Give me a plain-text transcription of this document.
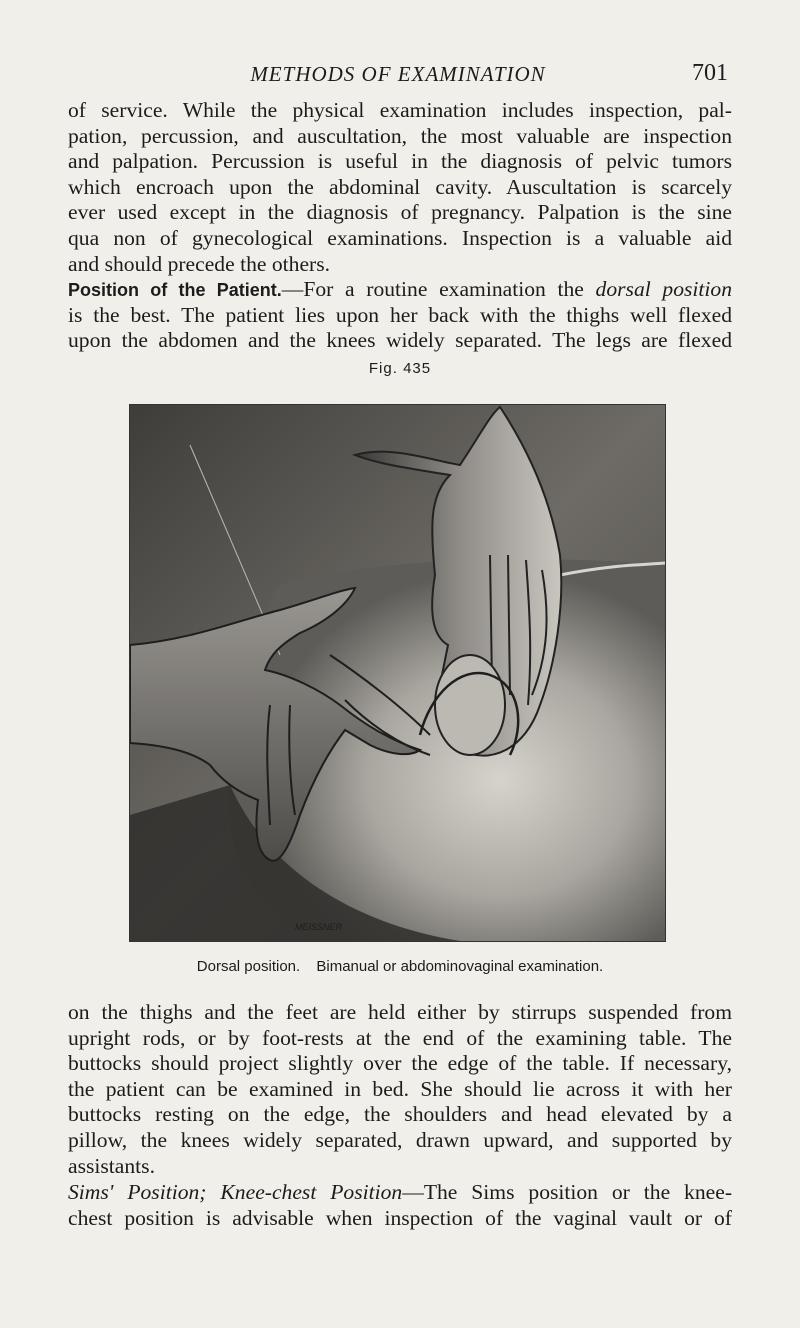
METHODS OF EXAMINATION	701
of service. While the physical examination includes inspection, pal-
pation, percussion, and auscultation, the most valuable are inspection
and palpation. Percussion is useful in the diagnosis of pelvic tumors
which encroach upon the abdominal cavity. Auscultation is scarcely
ever used except in the diagnosis of pregnancy. Palpation is the sine
qua non of gynecological examinations. Inspection is a valuable aid
and should precede the others.
Position of the Patient.—For a routine examination the dorsal position
is the best. The patient lies upon her back with the thighs well flexed
upon the abdomen and the knees widely separated. The legs are flexed
Fig. 435
MEISSNER
Dorsal position. Bimanual or abdominovaginal examination.
on the thighs and the feet are held either by stirrups suspended from
upright rods, or by foot-rests at the end of the examining table. The
buttocks should project slightly over the edge of the table. If necessary,
the patient can be examined in bed. She should lie across it with her
buttocks resting on the edge, the shoulders and head elevated by a
pillow, the knees widely separated, drawn upward, and supported by
assistants.
Sims' Position; Knee-chest Position—The Sims position or the knee-
chest position is advisable when inspection of the vaginal vault or of
